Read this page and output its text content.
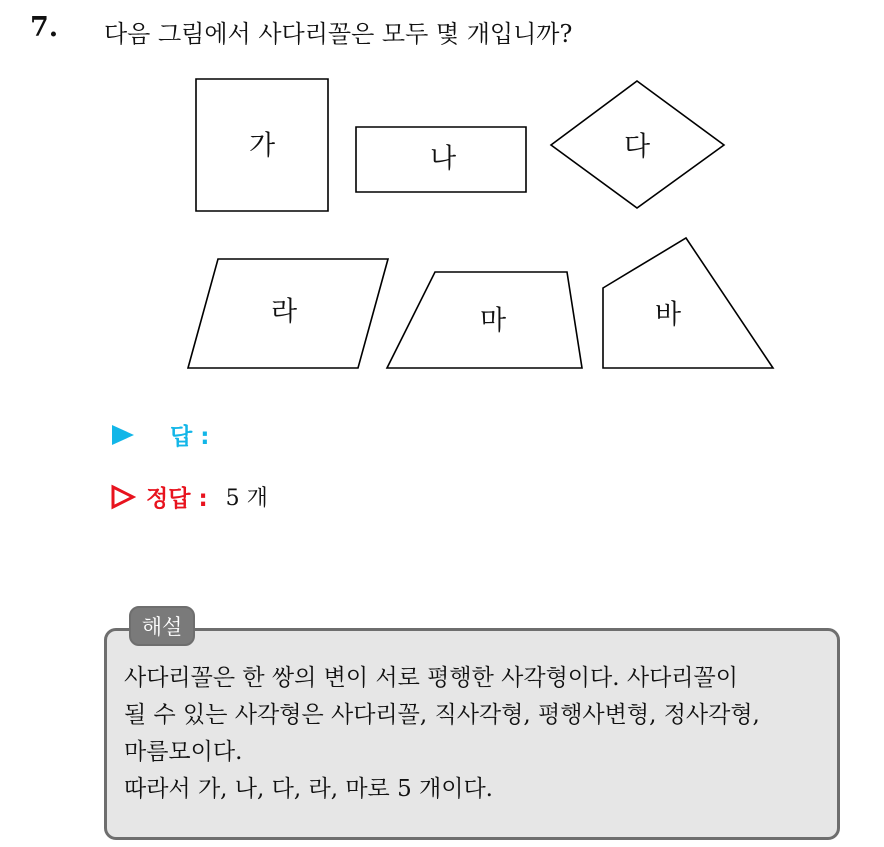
7. 다음 그림에서 사다리꼴은 모두 몇 개입니까?
가	나	다
라	마	바
답 :
정답 : 5 개
해설

사다리꼴은 한 쌍의 변이 서로 평행한 사각형이다. 사다리꼴이

될 수 있는 사각형은 사다리꼴, 직사각형, 평행사변형, 정사각형,

마름모이다.

따라서 가, 나, 다, 라, 마로 5 개이다.
